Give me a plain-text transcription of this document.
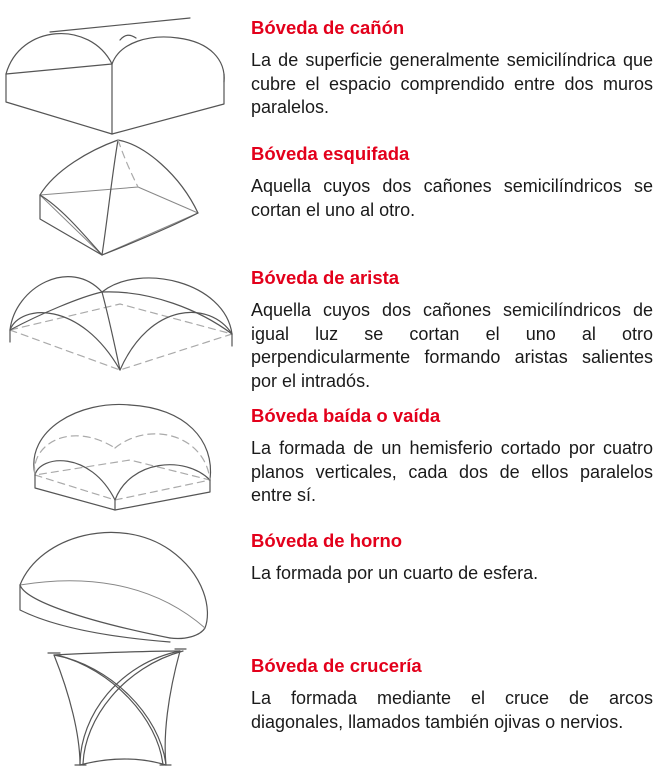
Bóveda de cañón

La de superficie generalmente semicilíndrica que cubre el espacio comprendido entre dos muros paralelos.

Bóveda esquifada

Aquella cuyos dos cañones semicilíndricos se cortan el uno al otro.

Bóveda de arista

Aquella cuyos dos cañones semicilíndricos de igual luz se cortan el uno al otro perpendicularmente formando aristas salientes por el intradós.

Bóveda baída o vaída

La formada de un hemisferio cortado por cuatro planos verticales, cada dos de ellos paralelos entre sí.

Bóveda de horno

La formada por un cuarto de esfera.

Bóveda de crucería

La formada mediante el cruce de arcos diagonales, llamados también ojivas o nervios.
